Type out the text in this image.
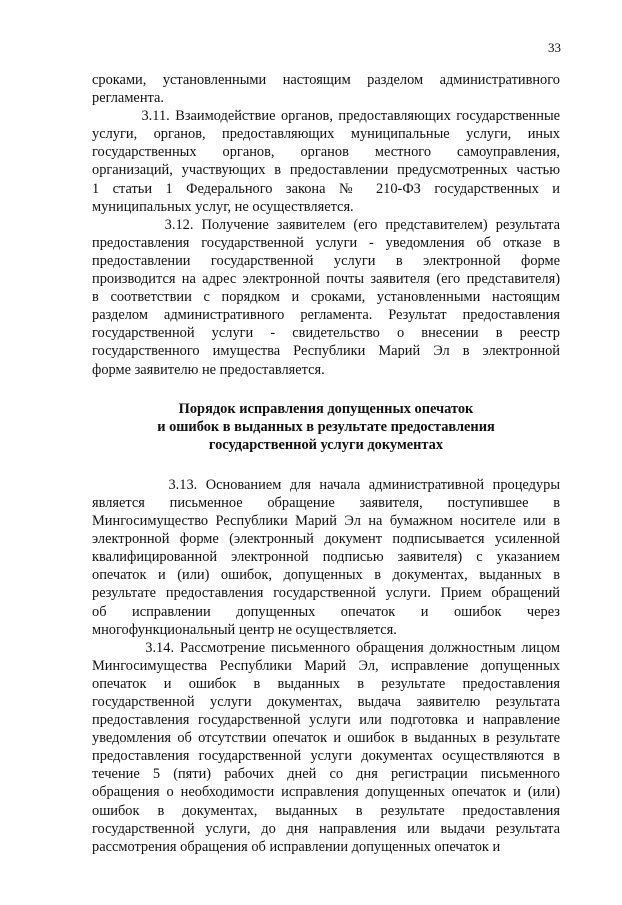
33
сроками, установленными настоящим разделом административного
регламента.
3.11. Взаимодействие органов, предоставляющих государственные
услуги, органов, предоставляющих муниципальные услуги, иных
государственных органов, органов местного самоуправления,
организаций, участвующих в предоставлении предусмотренных частью
1 статьи 1 Федерального закона № 210-ФЗ государственных и
муниципальных услуг, не осуществляется.
3.12. Получение заявителем (его представителем) результата
предоставления государственной услуги - уведомления об отказе в
предоставлении государственной услуги в электронной форме
производится на адрес электронной почты заявителя (его представителя)
в соответствии с порядком и сроками, установленными настоящим
разделом административного регламента. Результат предоставления
государственной услуги - свидетельство о внесении в реестр
государственного имущества Республики Марий Эл в электронной
форме заявителю не предоставляется.
Порядок исправления допущенных опечаток
и ошибок в выданных в результате предоставления
государственной услуги документах
3.13. Основанием для начала административной процедуры
является письменное обращение заявителя, поступившее в
Мингосимущество Республики Марий Эл на бумажном носителе или в
электронной форме (электронный документ подписывается усиленной
квалифицированной электронной подписью заявителя) с указанием
опечаток и (или) ошибок, допущенных в документах, выданных в
результате предоставления государственной услуги. Прием обращений
об исправлении допущенных опечаток и ошибок через
многофункциональный центр не осуществляется.
3.14. Рассмотрение письменного обращения должностным лицом
Мингосимущества Республики Марий Эл, исправление допущенных
опечаток и ошибок в выданных в результате предоставления
государственной услуги документах, выдача заявителю результата
предоставления государственной услуги или подготовка и направление
уведомления об отсутствии опечаток и ошибок в выданных в результате
предоставления государственной услуги документах осуществляются в
течение 5 (пяти) рабочих дней со дня регистрации письменного
обращения о необходимости исправления допущенных опечаток и (или)
ошибок в документах, выданных в результате предоставления
государственной услуги, до дня направления или выдачи результата
рассмотрения обращения об исправлении допущенных опечаток и
